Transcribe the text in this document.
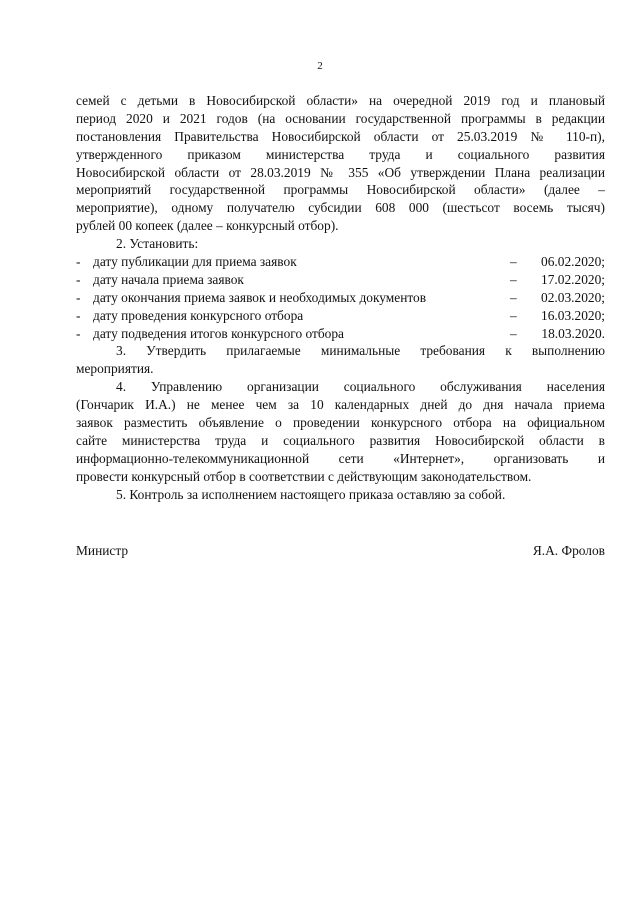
2
семей с детьми в Новосибирской области» на очередной 2019 год и плановый
период 2020 и 2021 годов (на основании государственной программы в редакции
постановления Правительства Новосибирской области от 25.03.2019 № 110-п),
утвержденного приказом министерства труда и социального развития
Новосибирской области от 28.03.2019 № 355 «Об утверждении Плана реализации
мероприятий государственной программы Новосибирской области» (далее –
мероприятие), одному получателю субсидии 608 000 (шестьсот восемь тысяч)
рублей 00 копеек (далее – конкурсный отбор).
2. Установить:
- дату публикации для приема заявок	– 06.02.2020;
- дату начала приема заявок	– 17.02.2020;
- дату окончания приема заявок и необходимых документов	– 02.03.2020;
- дату проведения конкурсного отбора	– 16.03.2020;
- дату подведения итогов конкурсного отбора	– 18.03.2020.
3. Утвердить прилагаемые минимальные требования к выполнению
мероприятия.
4. Управлению организации социального обслуживания населения
(Гончарик И.А.) не менее чем за 10 календарных дней до дня начала приема
заявок разместить объявление о проведении конкурсного отбора на официальном
сайте министерства труда и социального развития Новосибирской области в
информационно-телекоммуникационной сети «Интернет», организовать и
провести конкурсный отбор в соответствии с действующим законодательством.
5. Контроль за исполнением настоящего приказа оставляю за собой.
Министр	Я.А. Фролов
